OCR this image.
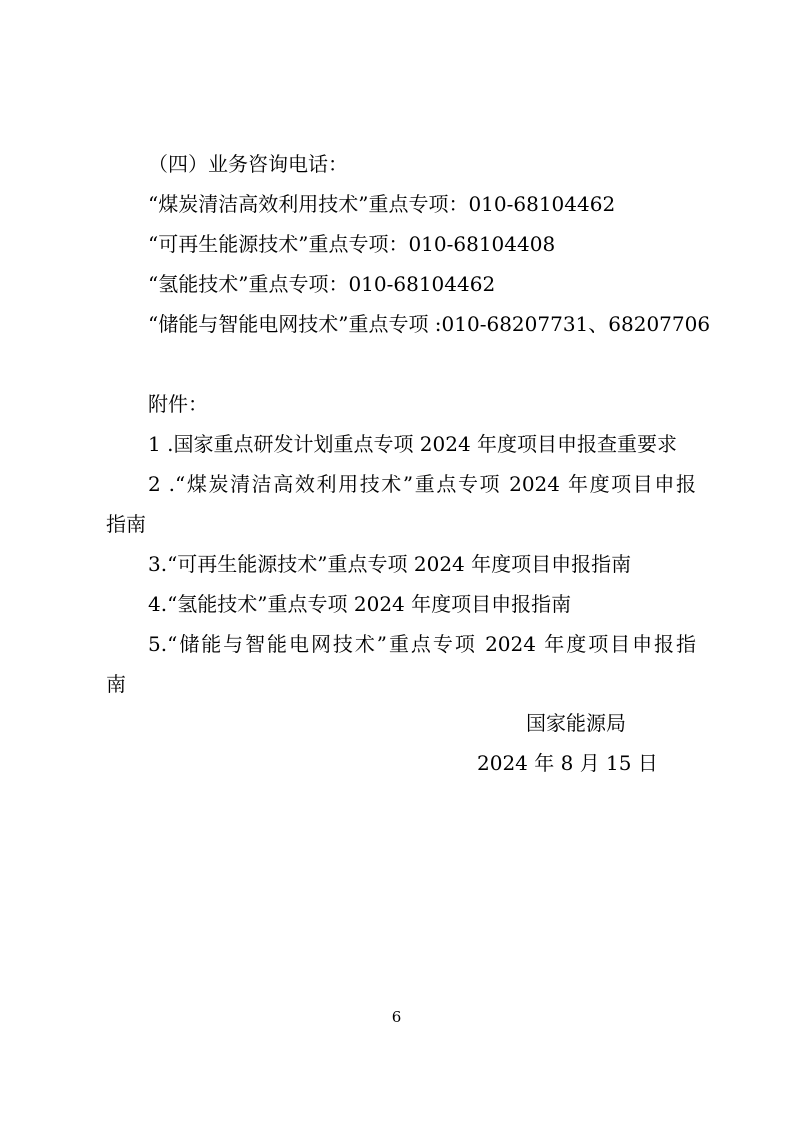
（四）业务咨询电话：
“煤炭清洁高效利用技术”重点专项：010-68104462
“可再生能源技术”重点专项：010-68104408
“氢能技术”重点专项：010-68104462
“储能与智能电网技术”重点专项 :010-68207731、68207706
附件：
1 .国家重点研发计划重点专项 2024 年度项目申报查重要求
2 .“煤炭清洁高效利用技术”重点专项 2024 年度项目申报
指南
3.“可再生能源技术”重点专项 2024 年度项目申报指南
4.“氢能技术”重点专项 2024 年度项目申报指南
5.“储能与智能电网技术”重点专项 2024 年度项目申报指
南
国家能源局
2024 年 8 月 15 日
6
